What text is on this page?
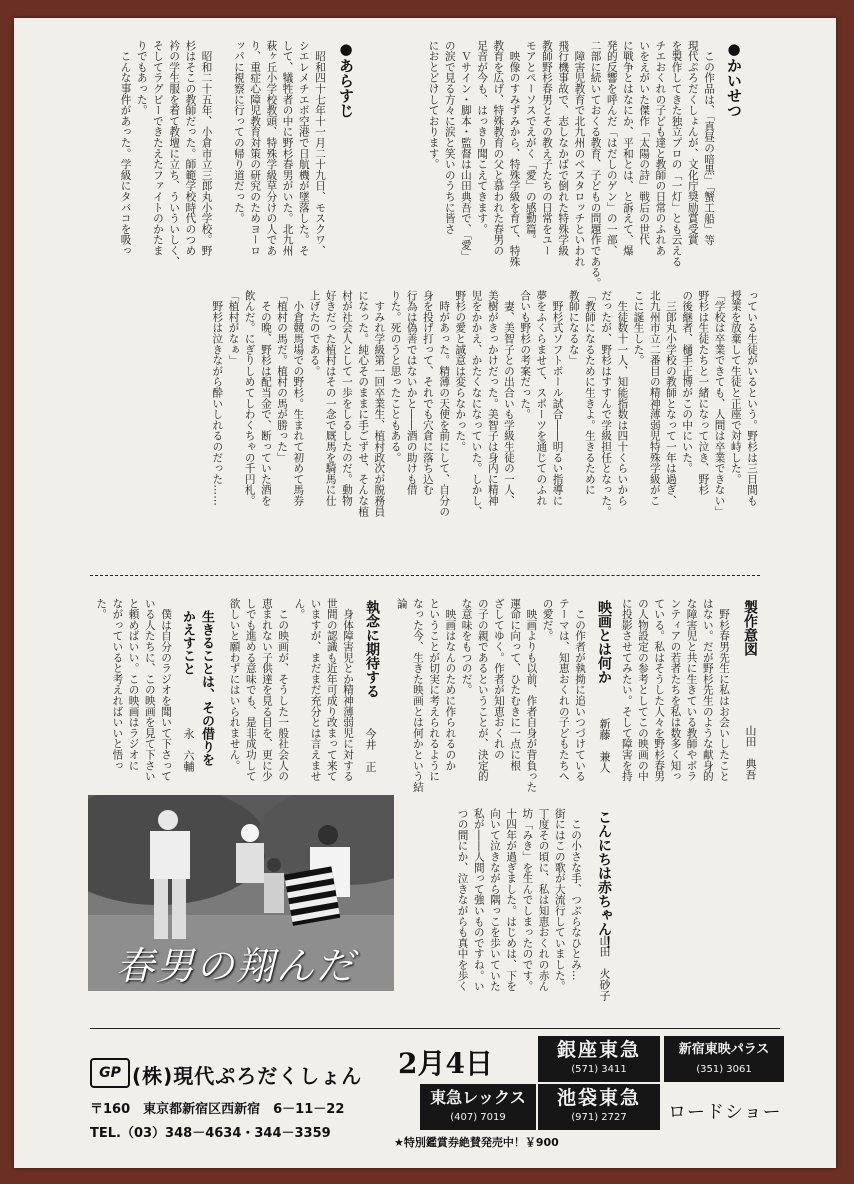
●かいせつ
　この作品は、「真昼の暗黒」「蟹工船」等
現代ぷろだくしょんが、文化庁奨励賞受賞
を製作してきた独立プロの「一灯」とも云える
チエおくれの子ども達と教師の日常のふれあ
いをえがいた傑作「太陽の詩」戦后の世代
に戦争とはなにか、平和とは、と訴えて、爆
発的反響を呼んだ「はだしのゲン」の一部、
二部に続いておくる教育、子どもの問題作である。
　障害児教育で北九州のペスタロッチといわれ
飛行機事故で、志しなかばで倒れた特殊学級
教師野杉春男とその教え子たちの日常をユー
モアとペーソスでえがく「愛」の感動篇。
　映像のすみずみから、特殊学級を育て、特殊
教育を広げ、特殊教育の父と慕われた春男の
足音が今も、はっきり聞こえてきます。
　Ｖサイン・脚本・監督は山田典吾で、「愛」
の涙で見る方々に涙と笑いのうちに皆さ
におとどけしております。
●あらすじ
　昭和四十七年十一月二十九日、モスクワ、
シエレメチエボ空港で日航機が墜落した。そ
して、犠牲者の中に野杉春男がいた。北九州
萩ヶ丘小学校教頭、特殊学級草分けの人であ
り、重症心障児教育対策の研究のためヨーロ
ッパに視察に行っての帰り道だった。

　昭和二十五年、小倉市立三郎丸小学校。野
杉はそこの教師だった。師範学校時代のつめ
衿の学生服を着て教壇に立ち、ういういしく、
そしてラグビーできたえたファイトのかたま
りでもあった。
　こんな事件があった。学級にタバコを吸っ
っている生徒がいるという。野杉は三日間も
授業を放棄して生徒と正座で対峙した。
「学校は卒業できても、人間は卒業できない」
野杉は生徒たちと一緒になって泣き、野杉
の後継者、樋手正博がこの中にいた。
　三郎丸小学校の教師となって一年は過ぎ、
北九州市立二番目の精神薄弱児特殊学級がこ
こに誕生した。
　生徒数十一人、知能指数は四十くらいから
だったが、野杉はすすんで学級担任となった。
「教師になるために生きよ。生きるために
教師になるな」
　野杉式ソフトボール試合――明るい指導に
夢をふくらませて、スポーツを通じてのふれ
合いも野杉の考案だった。
　妻、美智子との出合いも学級生徒の一人、
美樹がきっかけだった。美智子は身内に精神
児をかかえ、かたくなになっていた。しかし、
野杉の愛と誠意は変らなかった。
　時があった。精薄の天使を前にして、自分の
身を投げ打って、それでも穴倉に落ち込む
行為は偽善ではないかと――酒の助けも借
りた。死のうと思ったこともある。
　すみれ学級第一回卒業生、植村政次が脱務員
になった。純心そのままに手ごずせ、そんな植
村が社会人として一歩をしるしたのだ。動物
好きだった植村はその一念で厩馬を騎馬に仕
上げたのである。
　小倉競馬場での野杉。生まれて初めて馬券
「植村の馬だ。植村の馬が勝った」
　その晩、野杉は配当金で、断っていた酒を
飲んだ。にぎりしめてしわくちゃの千円札。
「植村がなぁ」
　野杉は泣きながら酔いしれるのだった……
製作意図
山田　典吾
　野杉春男先生に私はお会いしたこと
はない。だが野杉先生のような献身的
な障害児と共に生きている教師やボラ
ンティアの若者たちを私は数多く知っ
ている。私はそうした人々を野杉春男
の人物設定の参考としてこの映画の中
に投影させてみたい。そして障害を持

映画とは何か
新藤　兼人
　この作者が執拗に追いつづけている
テーマは、知恵おくれの子どもたちへ
の愛だ。
　映画よりも以前、作者自身が背負った
運命に向って、ひたむきに一点に根
ざしてゆく。作者が知恵おくれの
の子の親であるということが、決定的
な意味をもつのだ。
　映画はなんのために作られるのか
ということが切実に考えられるように
なった今、生きた映画とは何かという結論

こんにちは赤ちゃん！
山田　火砂子
　この小さな手、つぶらなひとみ…
街にはこの歌が大流行していました。
丁度その頃に、私は知恵おくれの赤ん
坊「みき」を生んでしまったのです。
十四年が過ぎました。はじめは、下を
向いて泣きながら隅っこを歩いていた
私が――人間って強いものですね。い
つの間にか、泣きながらも真中を歩く
執念に期待する
今井　正
　身体障害児とか精神薄弱児に対する
世間の認識も近年可成り改まって来て
いますが、まだまだ充分とは言えませ
ん。
　この映画が、そうした一般社会人の
恵まれない子供達を見る目を、更に少
しでも進める意味でも、是非成功して
欲しいと願わずにはいられません。
生きることは、その借りをかえすこと
永　六輔
　僕は自分のラジオを聞いて下さって
いる人たちに、この映画を見て下さい
と頼めばいい。この映画はラジオに
ながっていると考えればいいと悟った。

春男の翔んだ
GP (株)現代ぷろだくしょん
〒160　東京都新宿区西新宿　6－11－22
TEL.（03）348－4634・344－3359
2月4日	銀座東急
(571) 3411
新宿東映パラス
(351) 3061
東急レックス
(407) 7019
池袋東急
(971) 2727	ロードショー
★特別鑑賞券絶賛発売中！￥900
